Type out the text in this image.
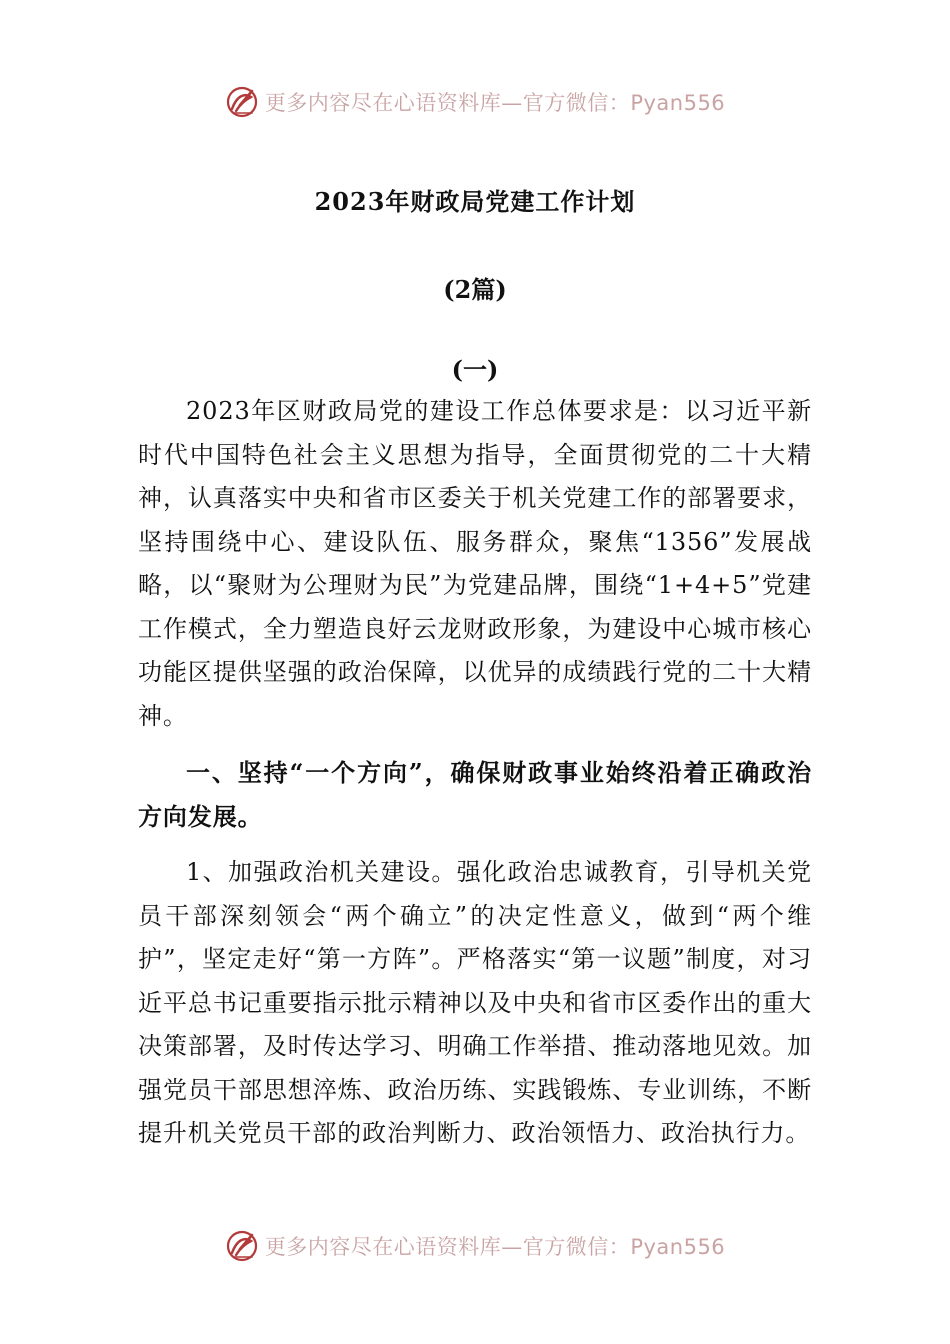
更多内容尽在心语资料库—官方微信：Pyan556
2023年财政局党建工作计划
(2篇)
(一)

2023年区财政局党的建设工作总体要求是：以习近平新时代中国特色社会主义思想为指导，全面贯彻党的二十大精神，认真落实中央和省市区委关于机关党建工作的部署要求，坚持围绕中心、建设队伍、服务群众，聚焦“1356”发展战略，以“聚财为公理财为民”为党建品牌，围绕“1+4+5”党建工作模式，全力塑造良好云龙财政形象，为建设中心城市核心功能区提供坚强的政治保障，以优异的成绩践行党的二十大精神。

一、坚持“一个方向”，确保财政事业始终沿着正确政治方向发展。

1、加强政治机关建设。强化政治忠诚教育，引导机关党员干部深刻领会“两个确立”的决定性意义，做到“两个维护”，坚定走好“第一方阵”。严格落实“第一议题”制度，对习近平总书记重要指示批示精神以及中央和省市区委作出的重大决策部署，及时传达学习、明确工作举措、推动落地见效。加强党员干部思想淬炼、政治历练、实践锻炼、专业训练，不断提升机关党员干部的政治判断力、政治领悟力、政治执行力。

更多内容尽在心语资料库—官方微信：Pyan556
